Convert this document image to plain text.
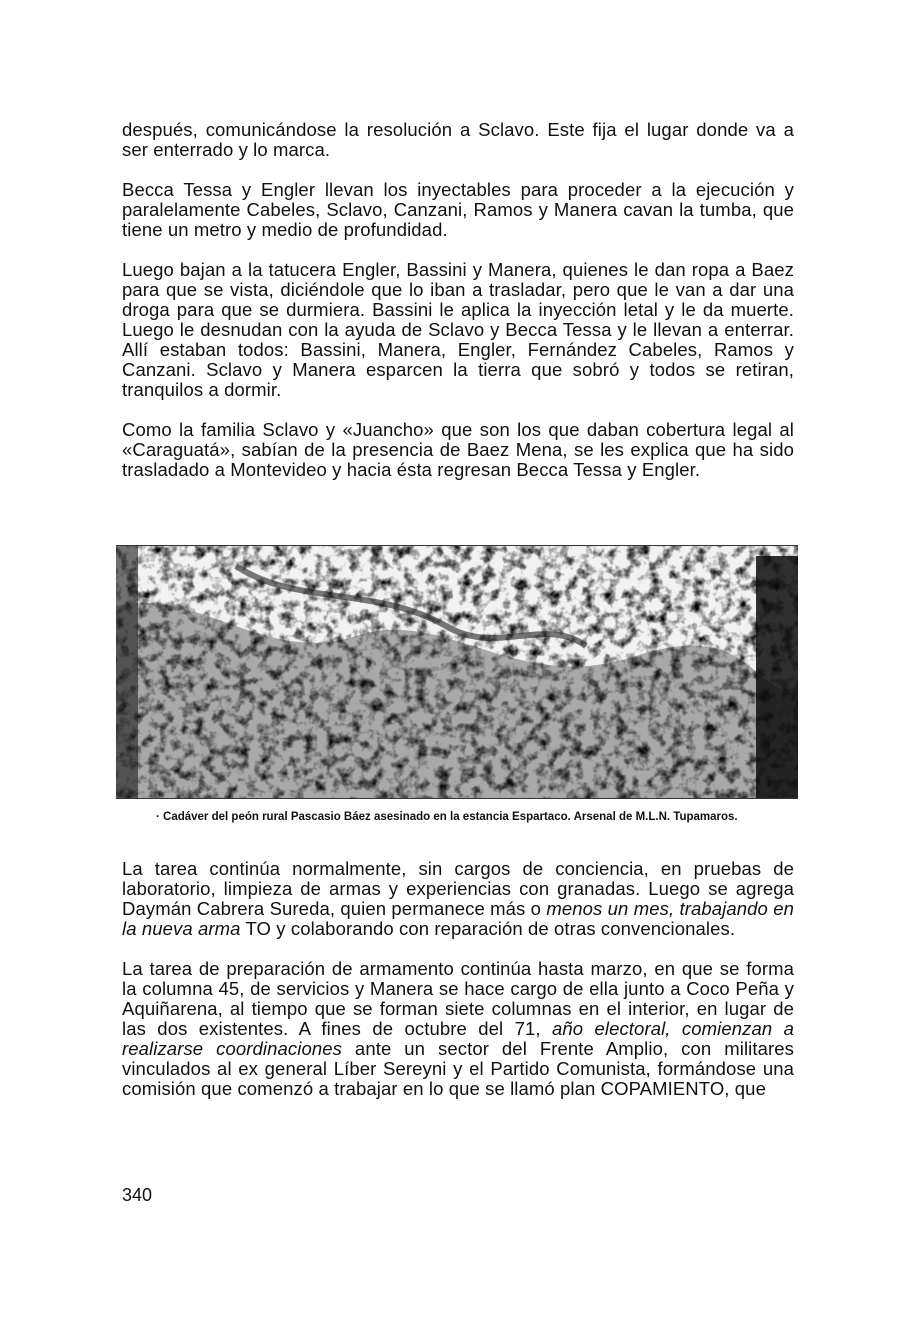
después, comunicándose la resolución a Sclavo. Este fija el lugar donde va a ser enterrado y lo marca.

Becca Tessa y Engler llevan los inyectables para proceder a la ejecución y paralelamente Cabeles, Sclavo, Canzani, Ramos y Manera cavan la tumba, que tiene un metro y medio de profundidad.

Luego bajan a la tatucera Engler, Bassini y Manera, quienes le dan ropa a Baez para que se vista, diciéndole que lo iban a trasladar, pero que le van a dar una droga para que se durmiera. Bassini le aplica la inyección letal y le da muerte. Luego le desnudan con la ayuda de Sclavo y Becca Tessa y le llevan a enterrar. Allí estaban todos: Bassini, Manera, Engler, Fernández Cabeles, Ramos y Canzani. Sclavo y Manera esparcen la tierra que sobró y todos se retiran, tranquilos a dormir.

Como la familia Sclavo y «Juancho» que son los que daban cobertura legal al «Caraguatá», sabían de la presencia de Baez Mena, se les explica que ha sido trasladado a Montevideo y hacia ésta regresan Becca Tessa y Engler.

· Cadáver del peón rural Pascasio Báez asesinado en la estancia Espartaco. Arsenal de M.L.N. Tupamaros.

La tarea continúa normalmente, sin cargos de conciencia, en pruebas de laboratorio, limpieza de armas y experiencias con granadas. Luego se agrega Daymán Cabrera Sureda, quien permanece más o menos un mes, trabajando en la nueva arma TO y colaborando con reparación de otras convencionales.

La tarea de preparación de armamento continúa hasta marzo, en que se forma la columna 45, de servicios y Manera se hace cargo de ella junto a Coco Peña y Aquiñarena, al tiempo que se forman siete columnas en el interior, en lugar de las dos existentes. A fines de octubre del 71, año electoral, comienzan a realizarse coordinaciones ante un sector del Frente Amplio, con militares vinculados al ex general Líber Sereyni y el Partido Comunista, formándose una comisión que comenzó a trabajar en lo que se llamó plan COPAMIENTO, que

340
